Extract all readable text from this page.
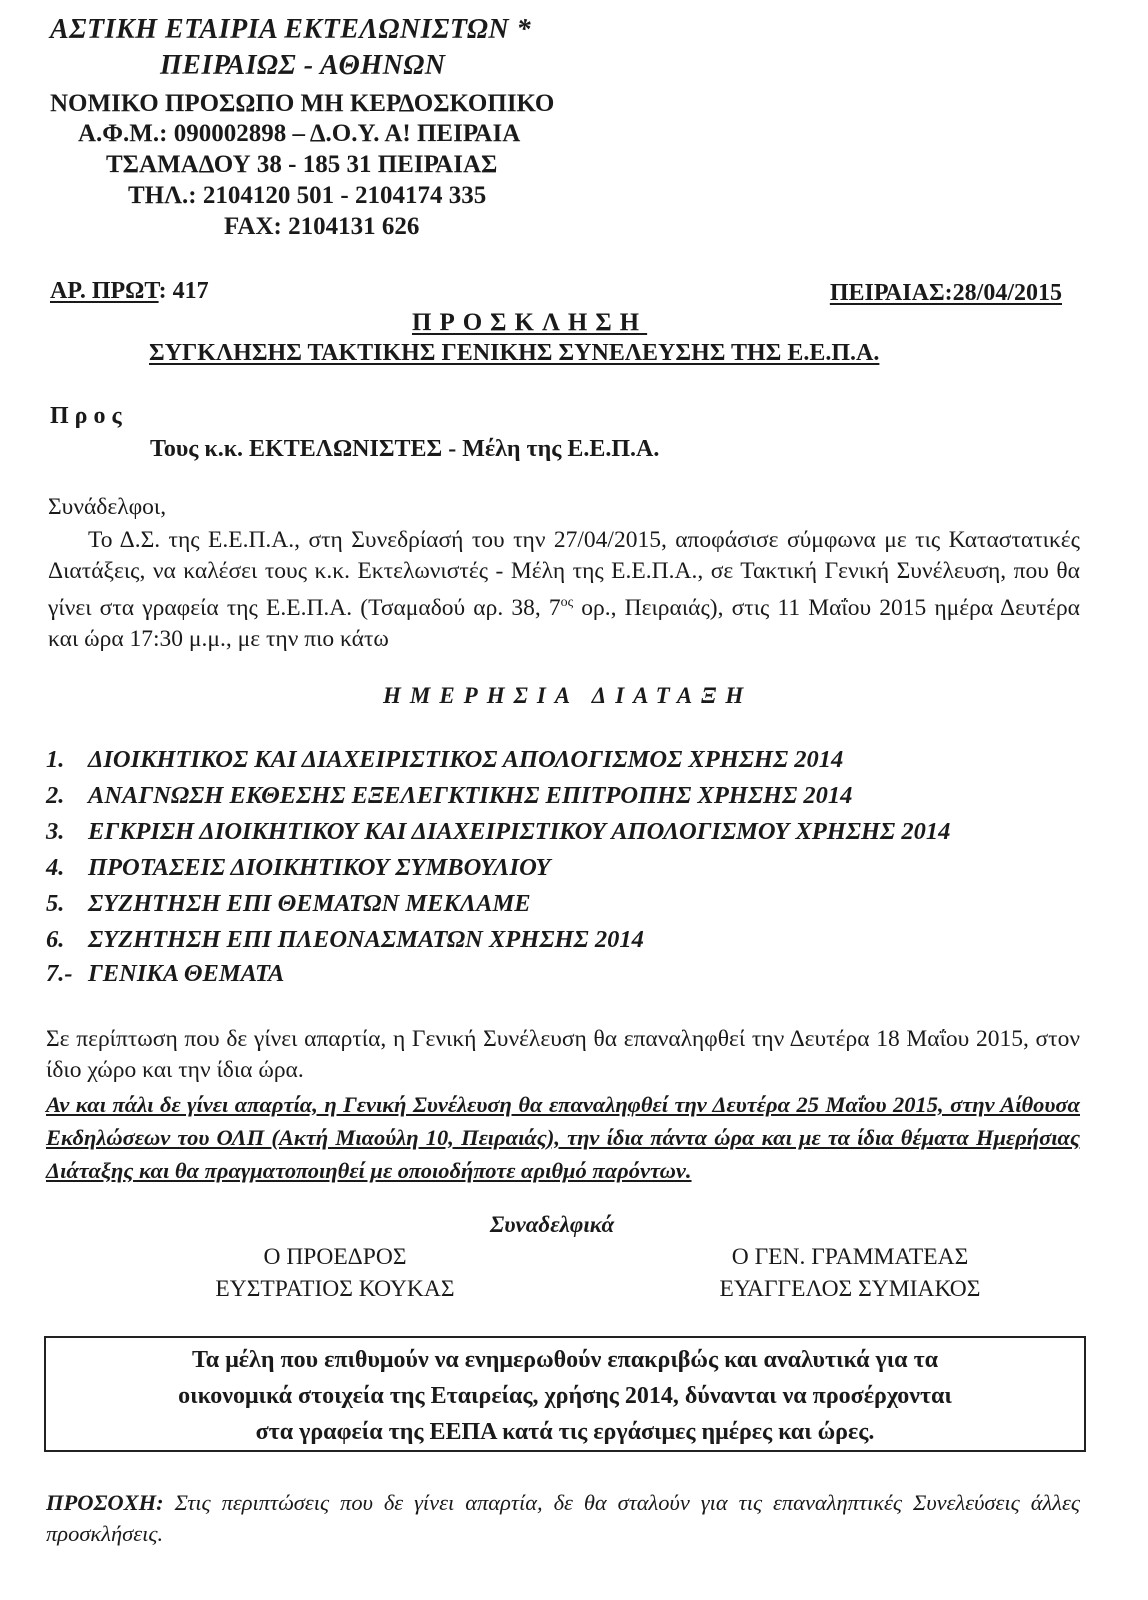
ΑΣΤΙΚΗ ΕΤΑΙΡΙΑ ΕΚΤΕΛΩΝΙΣΤΩΝ *
ΠΕΙΡΑΙΩΣ - ΑΘΗΝΩΝ
ΝΟΜΙΚΟ ΠΡΟΣΩΠΟ ΜΗ ΚΕΡΔΟΣΚΟΠΙΚΟ
Α.Φ.Μ.: 090002898 – Δ.Ο.Υ. Α! ΠΕΙΡΑΙΑ
ΤΣΑΜΑΔΟΥ 38 - 185 31 ΠΕΙΡΑΙΑΣ
ΤΗΛ.: 2104120 501 - 2104174 335
FAX: 2104131 626
ΑΡ. ΠΡΩΤ: 417	ΠΕΙΡΑΙΑΣ:28/04/2015
ΠΡΟΣΚΛΗΣΗ
ΣΥΓΚΛΗΣΗΣ ΤΑΚΤΙΚΗΣ ΓΕΝΙΚΗΣ ΣΥΝΕΛΕΥΣΗΣ ΤΗΣ Ε.Ε.Π.Α.
Π ρ ο ς
Τους κ.κ. ΕΚΤΕΛΩΝΙΣΤΕΣ - Μέλη της Ε.Ε.Π.Α.
Συνάδελφοι,
Το Δ.Σ. της Ε.Ε.Π.Α., στη Συνεδρίασή του την 27/04/2015, αποφάσισε σύμφωνα με τις Καταστατικές Διατάξεις, να καλέσει τους κ.κ. Εκτελωνιστές - Μέλη της Ε.Ε.Π.Α., σε Τακτική Γενική Συνέλευση, που θα γίνει στα γραφεία της Ε.Ε.Π.Α. (Τσαμαδού αρ. 38, $7^{o\varsigma}$ ορ., Πειραιάς), στις 11 Μαΐου 2015 ημέρα Δευτέρα και ώρα 17:30 μ.μ., με την πιο κάτω
ΗΜΕΡΗΣΙΑ ΔΙΑΤΑΞΗ
1. ΔΙΟΙΚΗΤΙΚΟΣ ΚΑΙ ΔΙΑΧΕΙΡΙΣΤΙΚΟΣ ΑΠΟΛΟΓΙΣΜΟΣ ΧΡΗΣΗΣ 2014
2. ΑΝΑΓΝΩΣΗ ΕΚΘΕΣΗΣ ΕΞΕΛΕΓΚΤΙΚΗΣ ΕΠΙΤΡΟΠΗΣ ΧΡΗΣΗΣ 2014
3. ΕΓΚΡΙΣΗ ΔΙΟΙΚΗΤΙΚΟΥ ΚΑΙ ΔΙΑΧΕΙΡΙΣΤΙΚΟΥ ΑΠΟΛΟΓΙΣΜΟΥ ΧΡΗΣΗΣ 2014
4. ΠΡΟΤΑΣΕΙΣ ΔΙΟΙΚΗΤΙΚΟΥ ΣΥΜΒΟΥΛΙΟΥ
5. ΣΥΖΗΤΗΣΗ ΕΠΙ ΘΕΜΑΤΩΝ ΜΕΚΛΑΜΕ
6. ΣΥΖΗΤΗΣΗ ΕΠΙ ΠΛΕΟΝΑΣΜΑΤΩΝ ΧΡΗΣΗΣ 2014
7.- ΓΕΝΙΚΑ ΘΕΜΑΤΑ
Σε περίπτωση που δε γίνει απαρτία, η Γενική Συνέλευση θα επαναληφθεί την Δευτέρα 18 Μαΐου 2015, στον ίδιο χώρο και την ίδια ώρα.
Αν και πάλι δε γίνει απαρτία, η Γενική Συνέλευση θα επαναληφθεί την Δευτέρα 25 Μαΐου 2015, στην Αίθουσα Εκδηλώσεων του ΟΛΠ (Ακτή Μιαούλη 10, Πειραιάς), την ίδια πάντα ώρα και με τα ίδια θέματα Ημερήσιας Διάταξης και θα πραγματοποιηθεί με οποιοδήποτε αριθμό παρόντων.
Συναδελφικά
Ο ΠΡΟΕΔΡΟΣ
ΕΥΣΤΡΑΤΙΟΣ ΚΟΥΚΑΣ
Ο ΓΕΝ. ΓΡΑΜΜΑΤΕΑΣ
ΕΥΑΓΓΕΛΟΣ ΣΥΜΙΑΚΟΣ
Τα μέλη που επιθυμούν να ενημερωθούν επακριβώς και αναλυτικά για τα
οικονομικά στοιχεία της Εταιρείας, χρήσης 2014, δύνανται να προσέρχονται
στα γραφεία της ΕΕΠΑ κατά τις εργάσιμες ημέρες και ώρες.
ΠΡΟΣΟΧΗ: Στις περιπτώσεις που δε γίνει απαρτία, δε θα σταλούν για τις επαναληπτικές Συνελεύσεις άλλες προσκλήσεις.
